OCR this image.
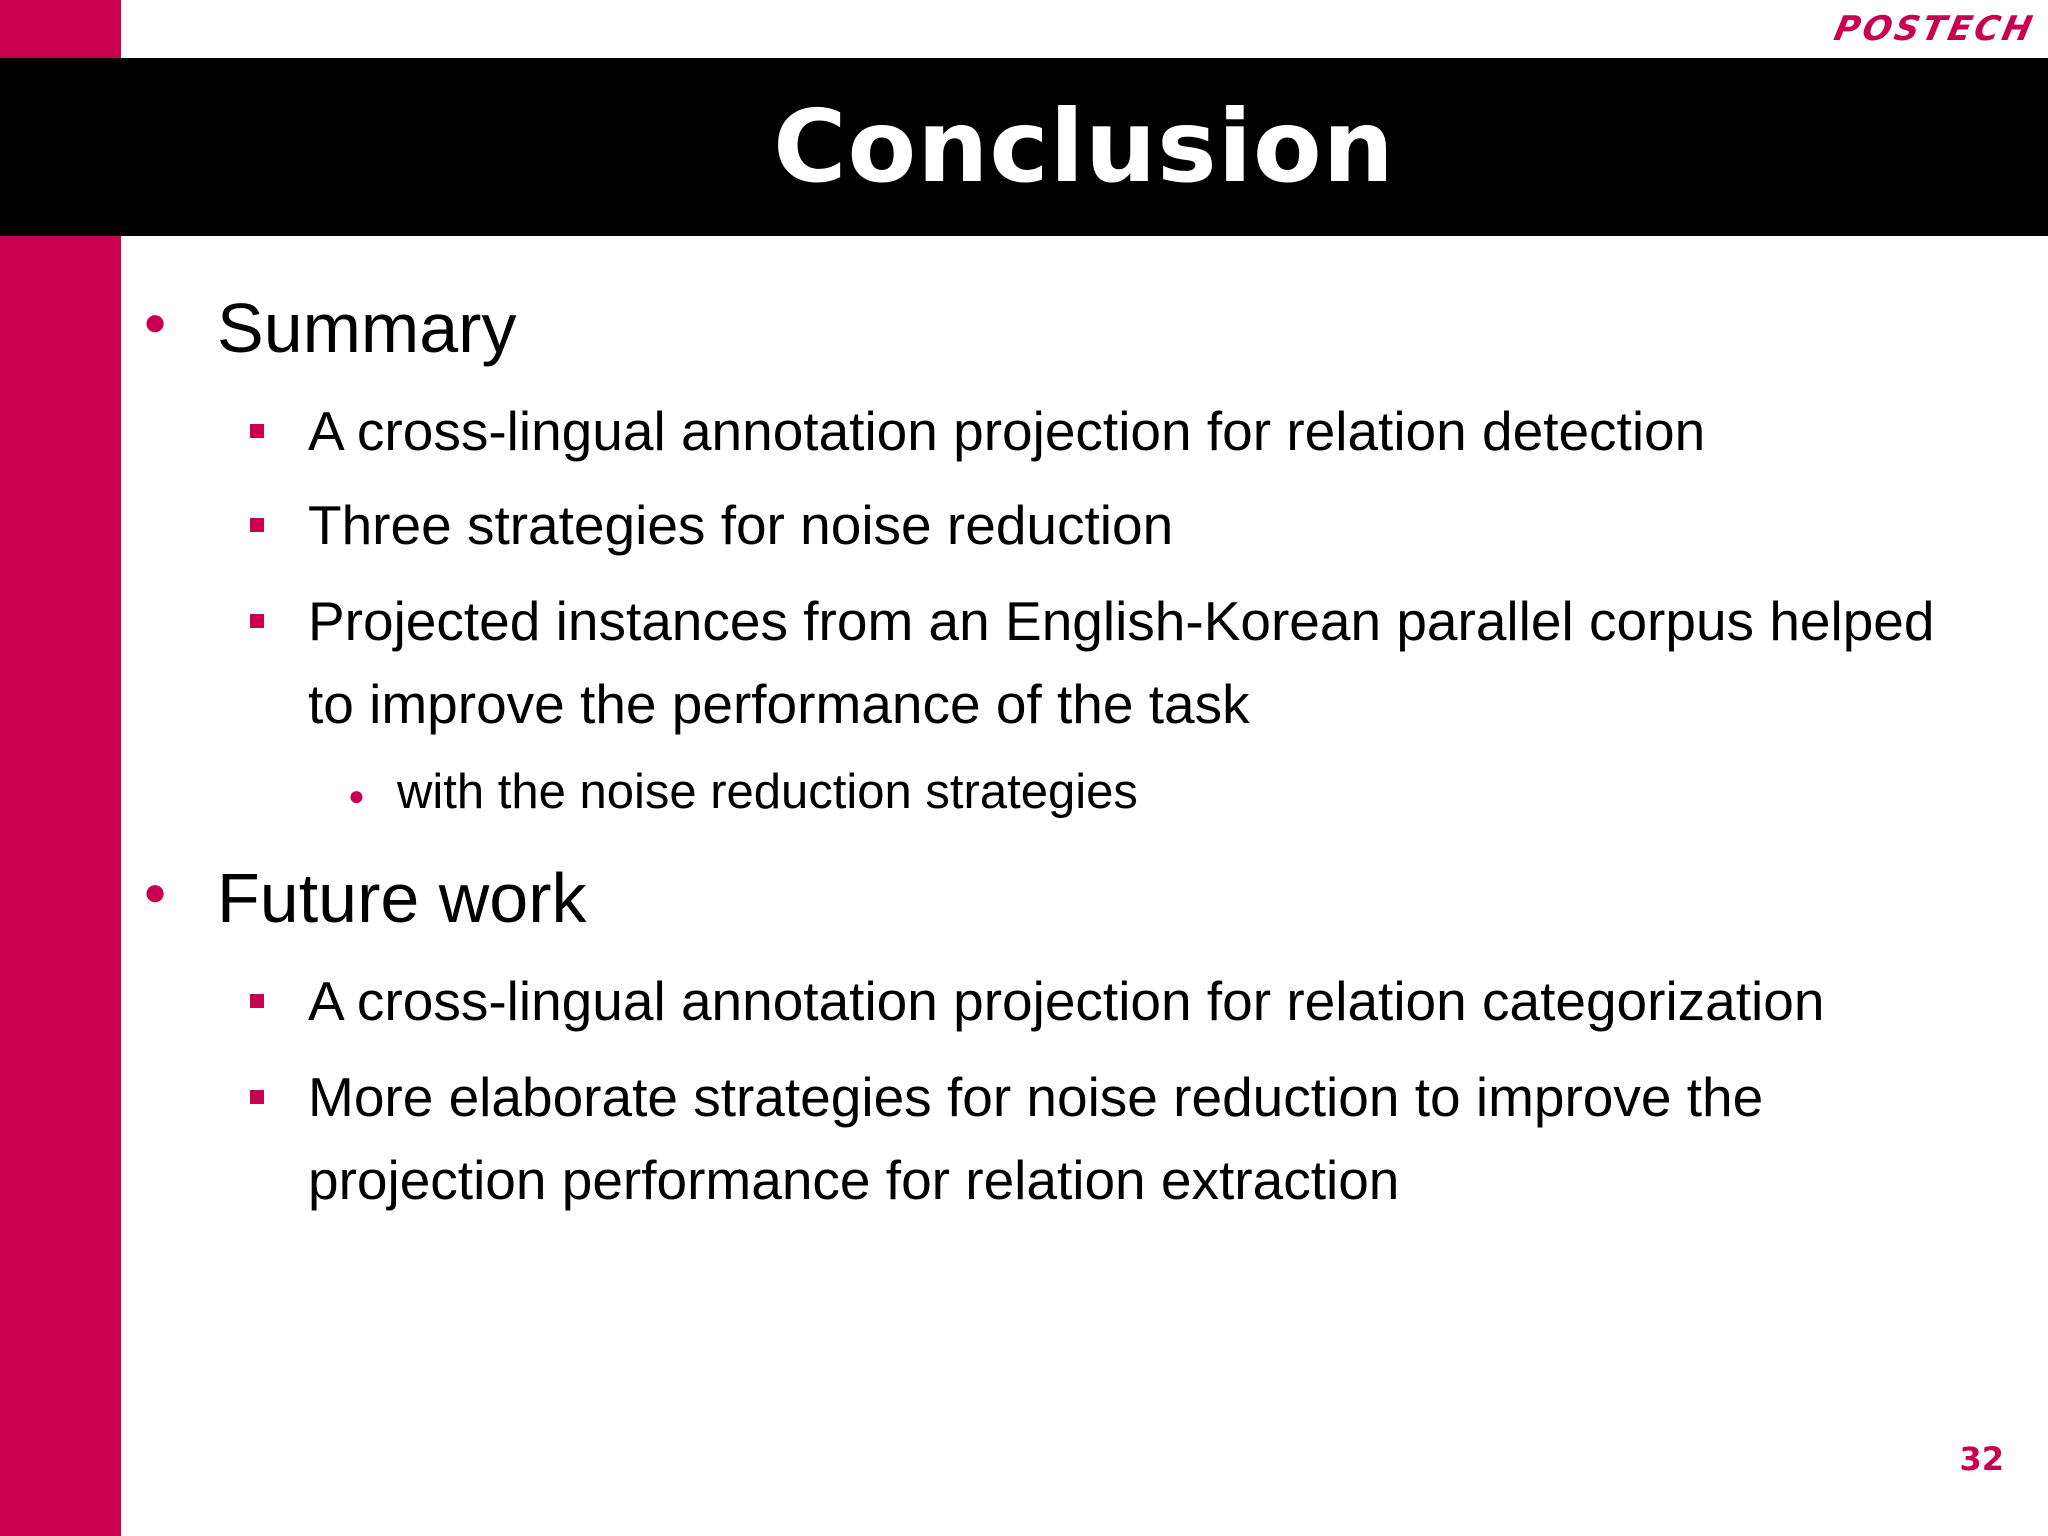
POSTECH
Conclusion
● Summary
A cross-lingual annotation projection for relation detection
Three strategies for noise reduction
Projected instances from an English-Korean parallel corpus helped
to improve the performance of the task
● with the noise reduction strategies
● Future work
A cross-lingual annotation projection for relation categorization
More elaborate strategies for noise reduction to improve the
projection performance for relation extraction
32
